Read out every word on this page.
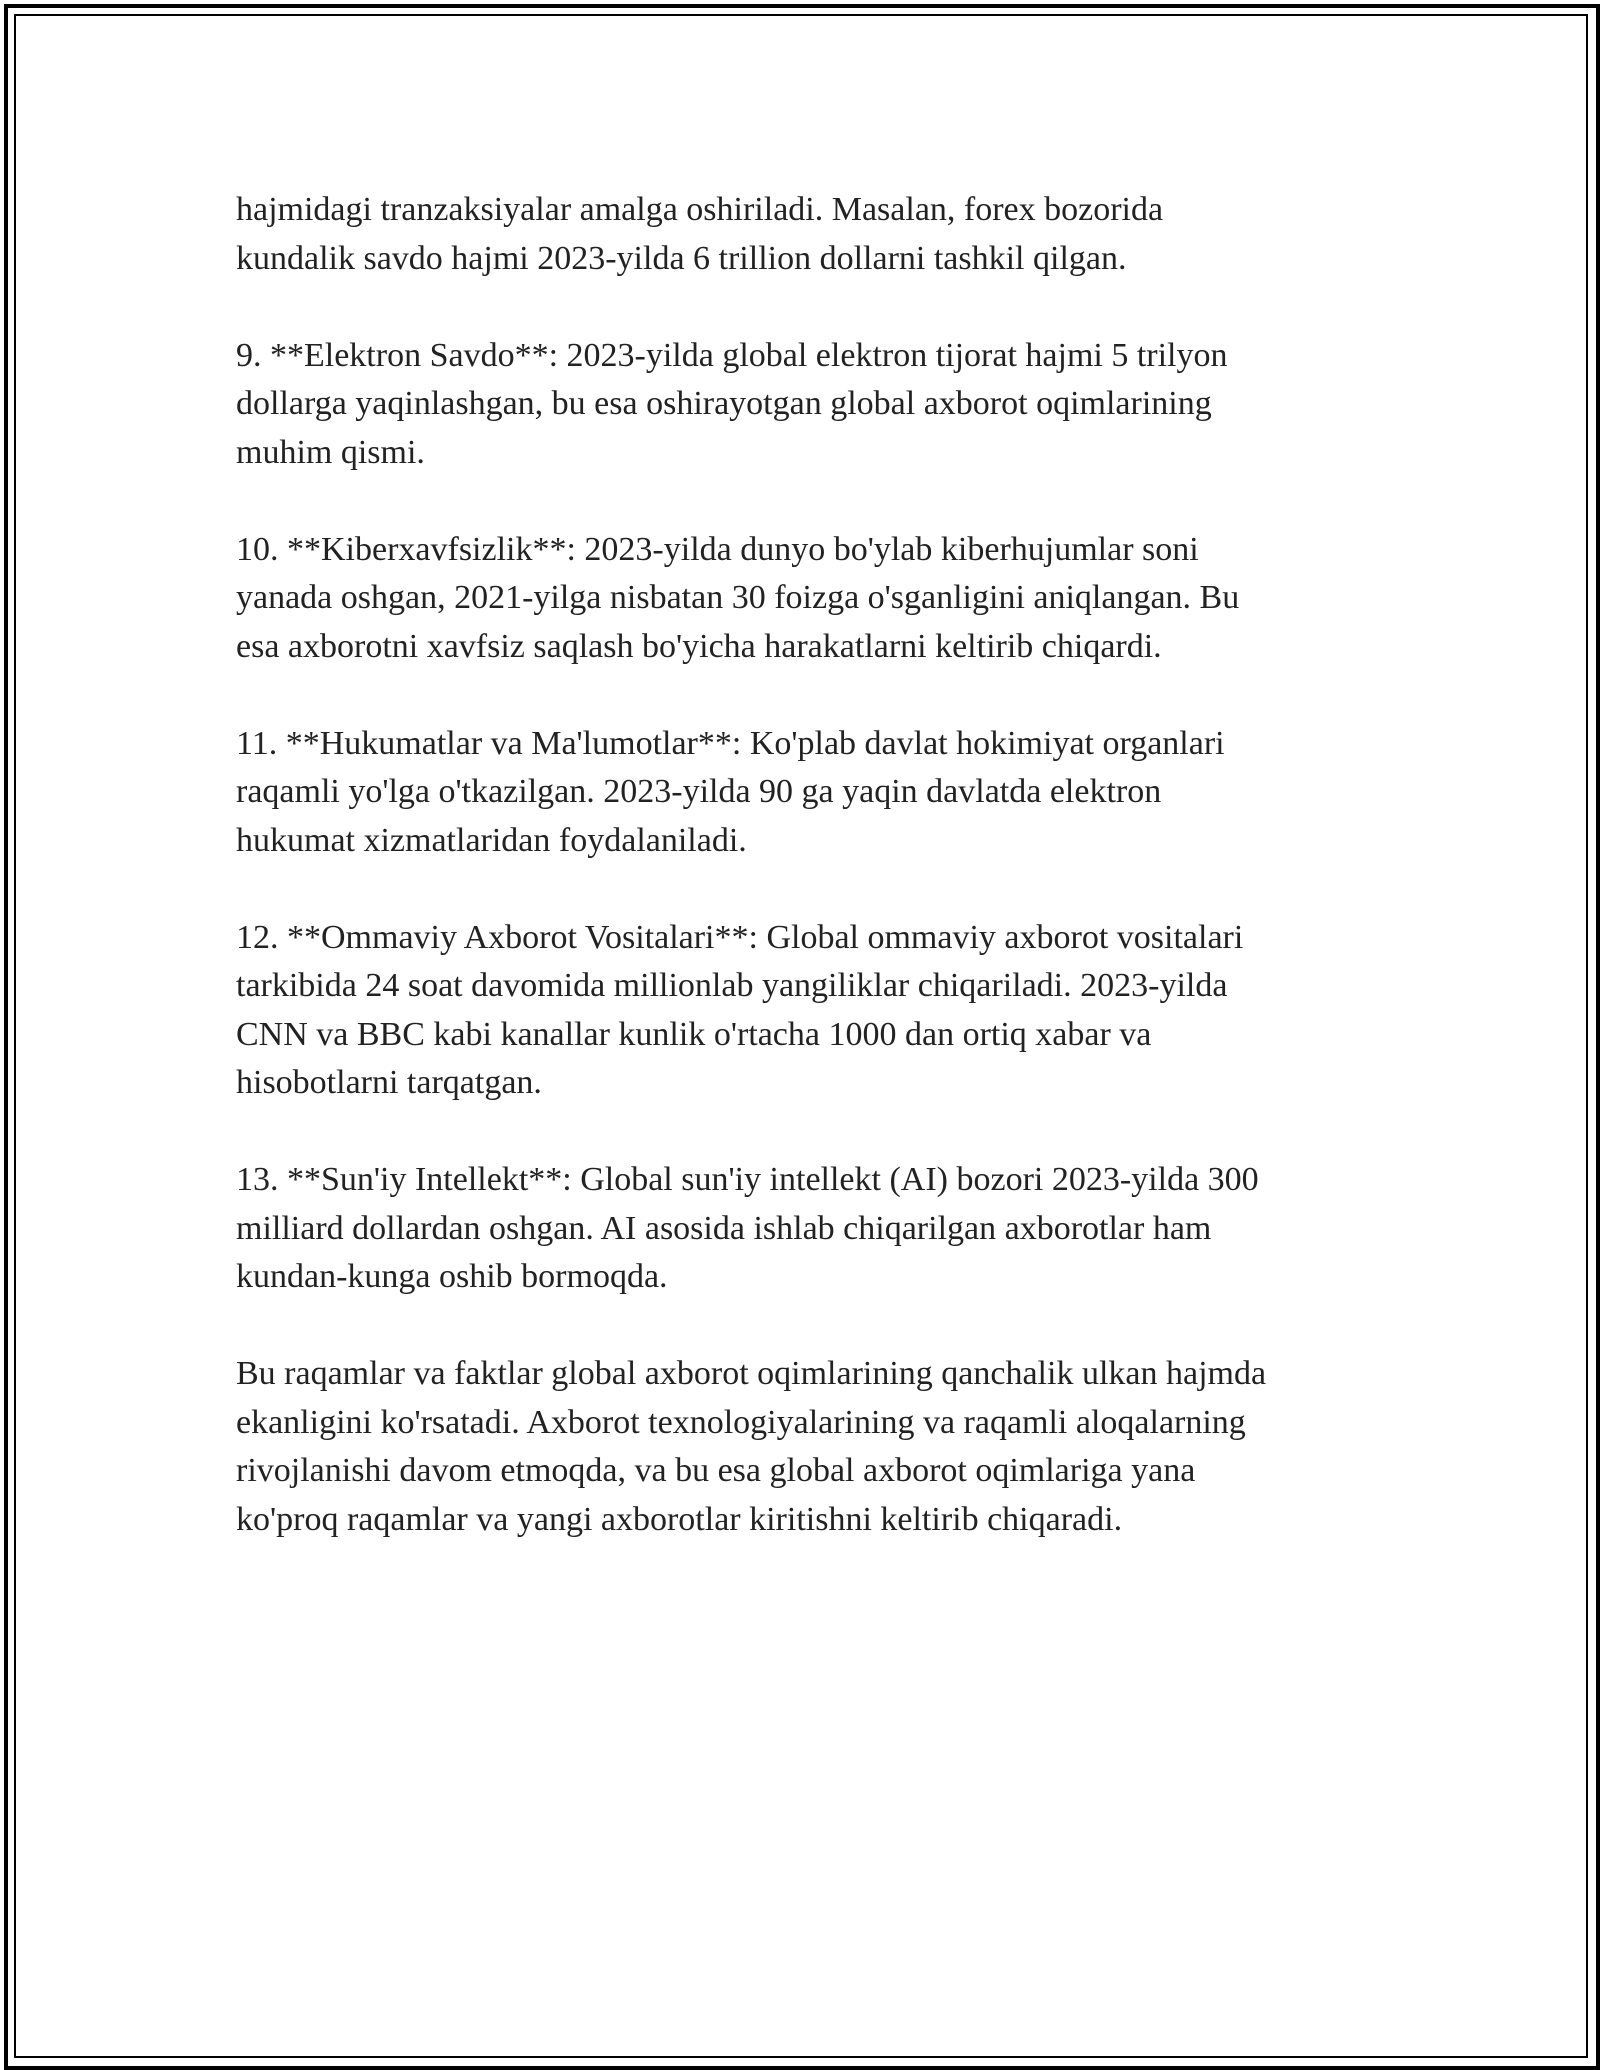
hajmidagi tranzaksiyalar amalga oshiriladi. Masalan, forex bozorida
kundalik savdo hajmi 2023-yilda 6 trillion dollarni tashkil qilgan.

9. **Elektron Savdo**: 2023-yilda global elektron tijorat hajmi 5 trilyon
dollarga yaqinlashgan, bu esa oshirayotgan global axborot oqimlarining
muhim qismi.

10. **Kiberxavfsizlik**: 2023-yilda dunyo bo'ylab kiberhujumlar soni
yanada oshgan, 2021-yilga nisbatan 30 foizga o'sganligini aniqlangan. Bu
esa axborotni xavfsiz saqlash bo'yicha harakatlarni keltirib chiqardi.

11. **Hukumatlar va Ma'lumotlar**: Ko'plab davlat hokimiyat organlari
raqamli yo'lga o'tkazilgan. 2023-yilda 90 ga yaqin davlatda elektron
hukumat xizmatlaridan foydalaniladi.

12. **Ommaviy Axborot Vositalari**: Global ommaviy axborot vositalari
tarkibida 24 soat davomida millionlab yangiliklar chiqariladi. 2023-yilda
CNN va BBC kabi kanallar kunlik o'rtacha 1000 dan ortiq xabar va
hisobotlarni tarqatgan.

13. **Sun'iy Intellekt**: Global sun'iy intellekt (AI) bozori 2023-yilda 300
milliard dollardan oshgan. AI asosida ishlab chiqarilgan axborotlar ham
kundan-kunga oshib bormoqda.

Bu raqamlar va faktlar global axborot oqimlarining qanchalik ulkan hajmda
ekanligini ko'rsatadi. Axborot texnologiyalarining va raqamli aloqalarning
rivojlanishi davom etmoqda, va bu esa global axborot oqimlariga yana
ko'proq raqamlar va yangi axborotlar kiritishni keltirib chiqaradi.
